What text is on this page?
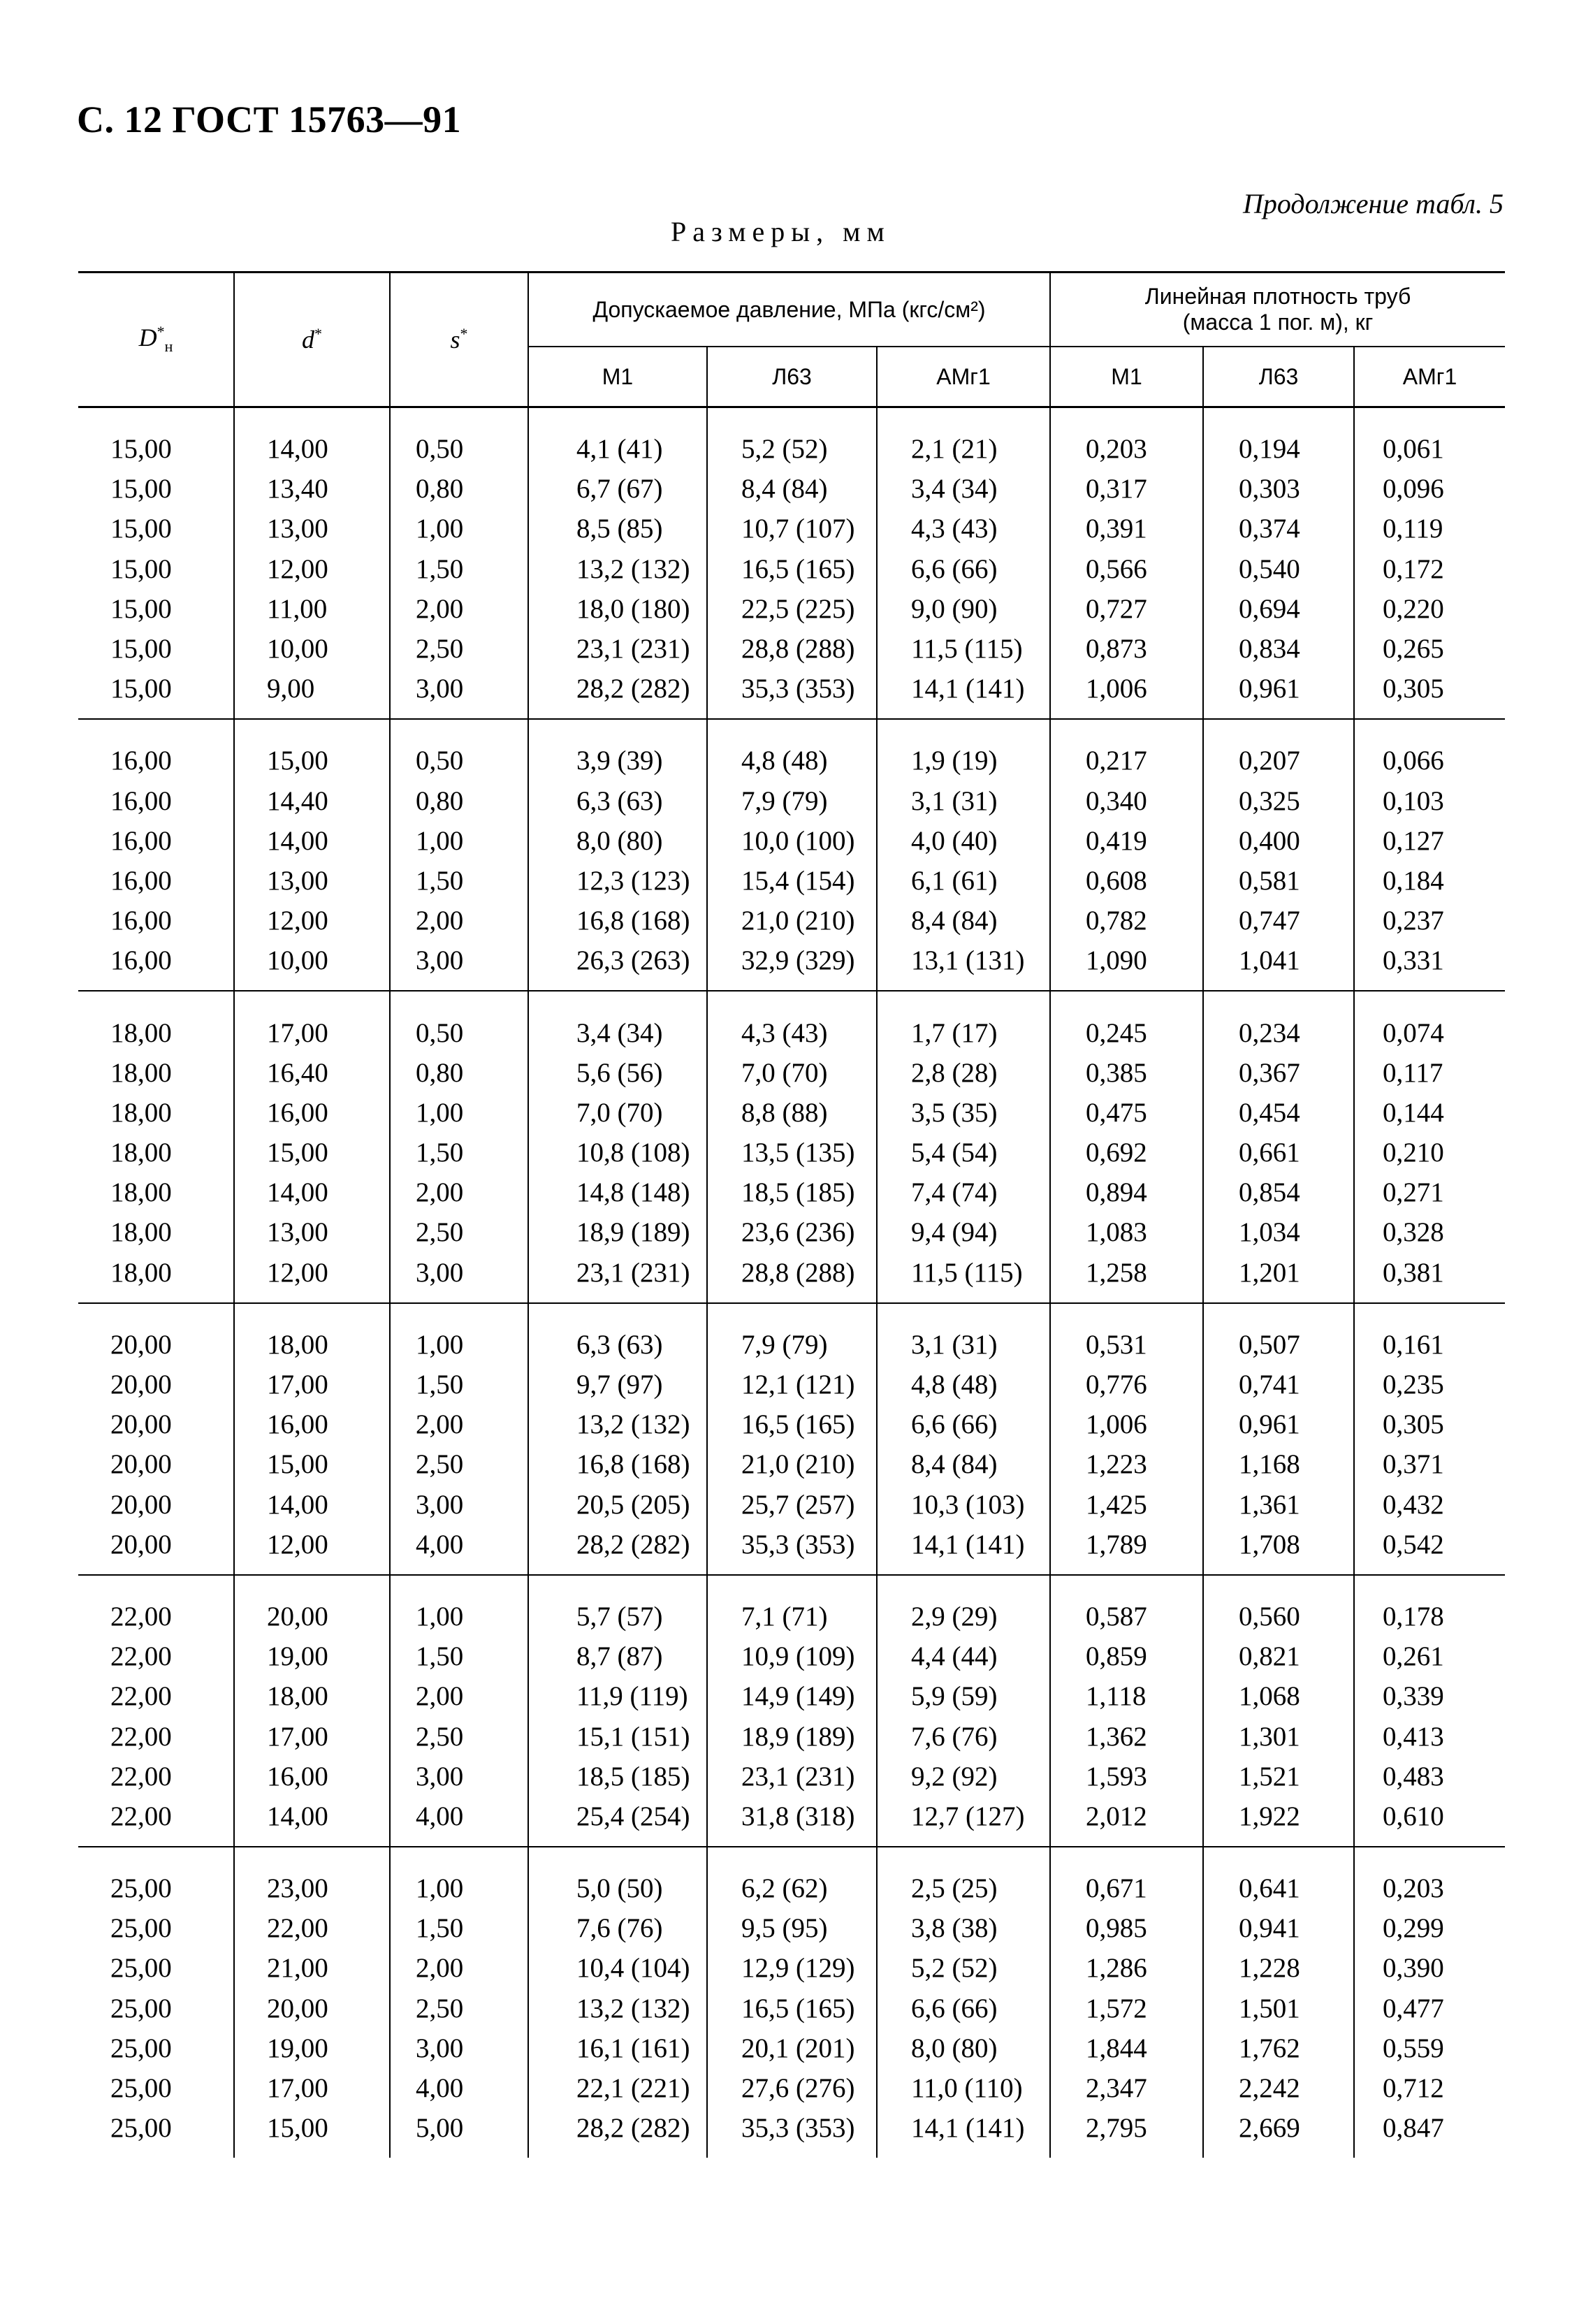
С. 12 ГОСТ 15763—91
Продолжение табл. 5
Размеры, мм
$D^*_н$	d*	s*	Допускаемое давление, МПа (кгс/см²)			Линейная плотность труб
(масса 1 пог. м), кг		

			М1	Л63	АМг1	М1	Л63	АМг1
15,00	14,00	0,50	4,1 (41)	5,2 (52)	2,1 (21)	0,203	0,194	0,061
15,00	13,40	0,80	6,7 (67)	8,4 (84)	3,4 (34)	0,317	0,303	0,096
15,00	13,00	1,00	8,5 (85)	10,7 (107)	4,3 (43)	0,391	0,374	0,119
15,00	12,00	1,50	13,2 (132)	16,5 (165)	6,6 (66)	0,566	0,540	0,172
15,00	11,00	2,00	18,0 (180)	22,5 (225)	9,0 (90)	0,727	0,694	0,220
15,00	10,00	2,50	23,1 (231)	28,8 (288)	11,5 (115)	0,873	0,834	0,265
15,00	9,00	3,00	28,2 (282)	35,3 (353)	14,1 (141)	1,006	0,961	0,305
16,00	15,00	0,50	3,9 (39)	4,8 (48)	1,9 (19)	0,217	0,207	0,066
16,00	14,40	0,80	6,3 (63)	7,9 (79)	3,1 (31)	0,340	0,325	0,103
16,00	14,00	1,00	8,0 (80)	10,0 (100)	4,0 (40)	0,419	0,400	0,127
16,00	13,00	1,50	12,3 (123)	15,4 (154)	6,1 (61)	0,608	0,581	0,184
16,00	12,00	2,00	16,8 (168)	21,0 (210)	8,4 (84)	0,782	0,747	0,237
16,00	10,00	3,00	26,3 (263)	32,9 (329)	13,1 (131)	1,090	1,041	0,331
18,00	17,00	0,50	3,4 (34)	4,3 (43)	1,7 (17)	0,245	0,234	0,074
18,00	16,40	0,80	5,6 (56)	7,0 (70)	2,8 (28)	0,385	0,367	0,117
18,00	16,00	1,00	7,0 (70)	8,8 (88)	3,5 (35)	0,475	0,454	0,144
18,00	15,00	1,50	10,8 (108)	13,5 (135)	5,4 (54)	0,692	0,661	0,210
18,00	14,00	2,00	14,8 (148)	18,5 (185)	7,4 (74)	0,894	0,854	0,271
18,00	13,00	2,50	18,9 (189)	23,6 (236)	9,4 (94)	1,083	1,034	0,328
18,00	12,00	3,00	23,1 (231)	28,8 (288)	11,5 (115)	1,258	1,201	0,381
20,00	18,00	1,00	6,3 (63)	7,9 (79)	3,1 (31)	0,531	0,507	0,161
20,00	17,00	1,50	9,7 (97)	12,1 (121)	4,8 (48)	0,776	0,741	0,235
20,00	16,00	2,00	13,2 (132)	16,5 (165)	6,6 (66)	1,006	0,961	0,305
20,00	15,00	2,50	16,8 (168)	21,0 (210)	8,4 (84)	1,223	1,168	0,371
20,00	14,00	3,00	20,5 (205)	25,7 (257)	10,3 (103)	1,425	1,361	0,432
20,00	12,00	4,00	28,2 (282)	35,3 (353)	14,1 (141)	1,789	1,708	0,542
22,00	20,00	1,00	5,7 (57)	7,1 (71)	2,9 (29)	0,587	0,560	0,178
22,00	19,00	1,50	8,7 (87)	10,9 (109)	4,4 (44)	0,859	0,821	0,261
22,00	18,00	2,00	11,9 (119)	14,9 (149)	5,9 (59)	1,118	1,068	0,339
22,00	17,00	2,50	15,1 (151)	18,9 (189)	7,6 (76)	1,362	1,301	0,413
22,00	16,00	3,00	18,5 (185)	23,1 (231)	9,2 (92)	1,593	1,521	0,483
22,00	14,00	4,00	25,4 (254)	31,8 (318)	12,7 (127)	2,012	1,922	0,610
25,00	23,00	1,00	5,0 (50)	6,2 (62)	2,5 (25)	0,671	0,641	0,203
25,00	22,00	1,50	7,6 (76)	9,5 (95)	3,8 (38)	0,985	0,941	0,299
25,00	21,00	2,00	10,4 (104)	12,9 (129)	5,2 (52)	1,286	1,228	0,390
25,00	20,00	2,50	13,2 (132)	16,5 (165)	6,6 (66)	1,572	1,501	0,477
25,00	19,00	3,00	16,1 (161)	20,1 (201)	8,0 (80)	1,844	1,762	0,559
25,00	17,00	4,00	22,1 (221)	27,6 (276)	11,0 (110)	2,347	2,242	0,712
25,00	15,00	5,00	28,2 (282)	35,3 (353)	14,1 (141)	2,795	2,669	0,847
